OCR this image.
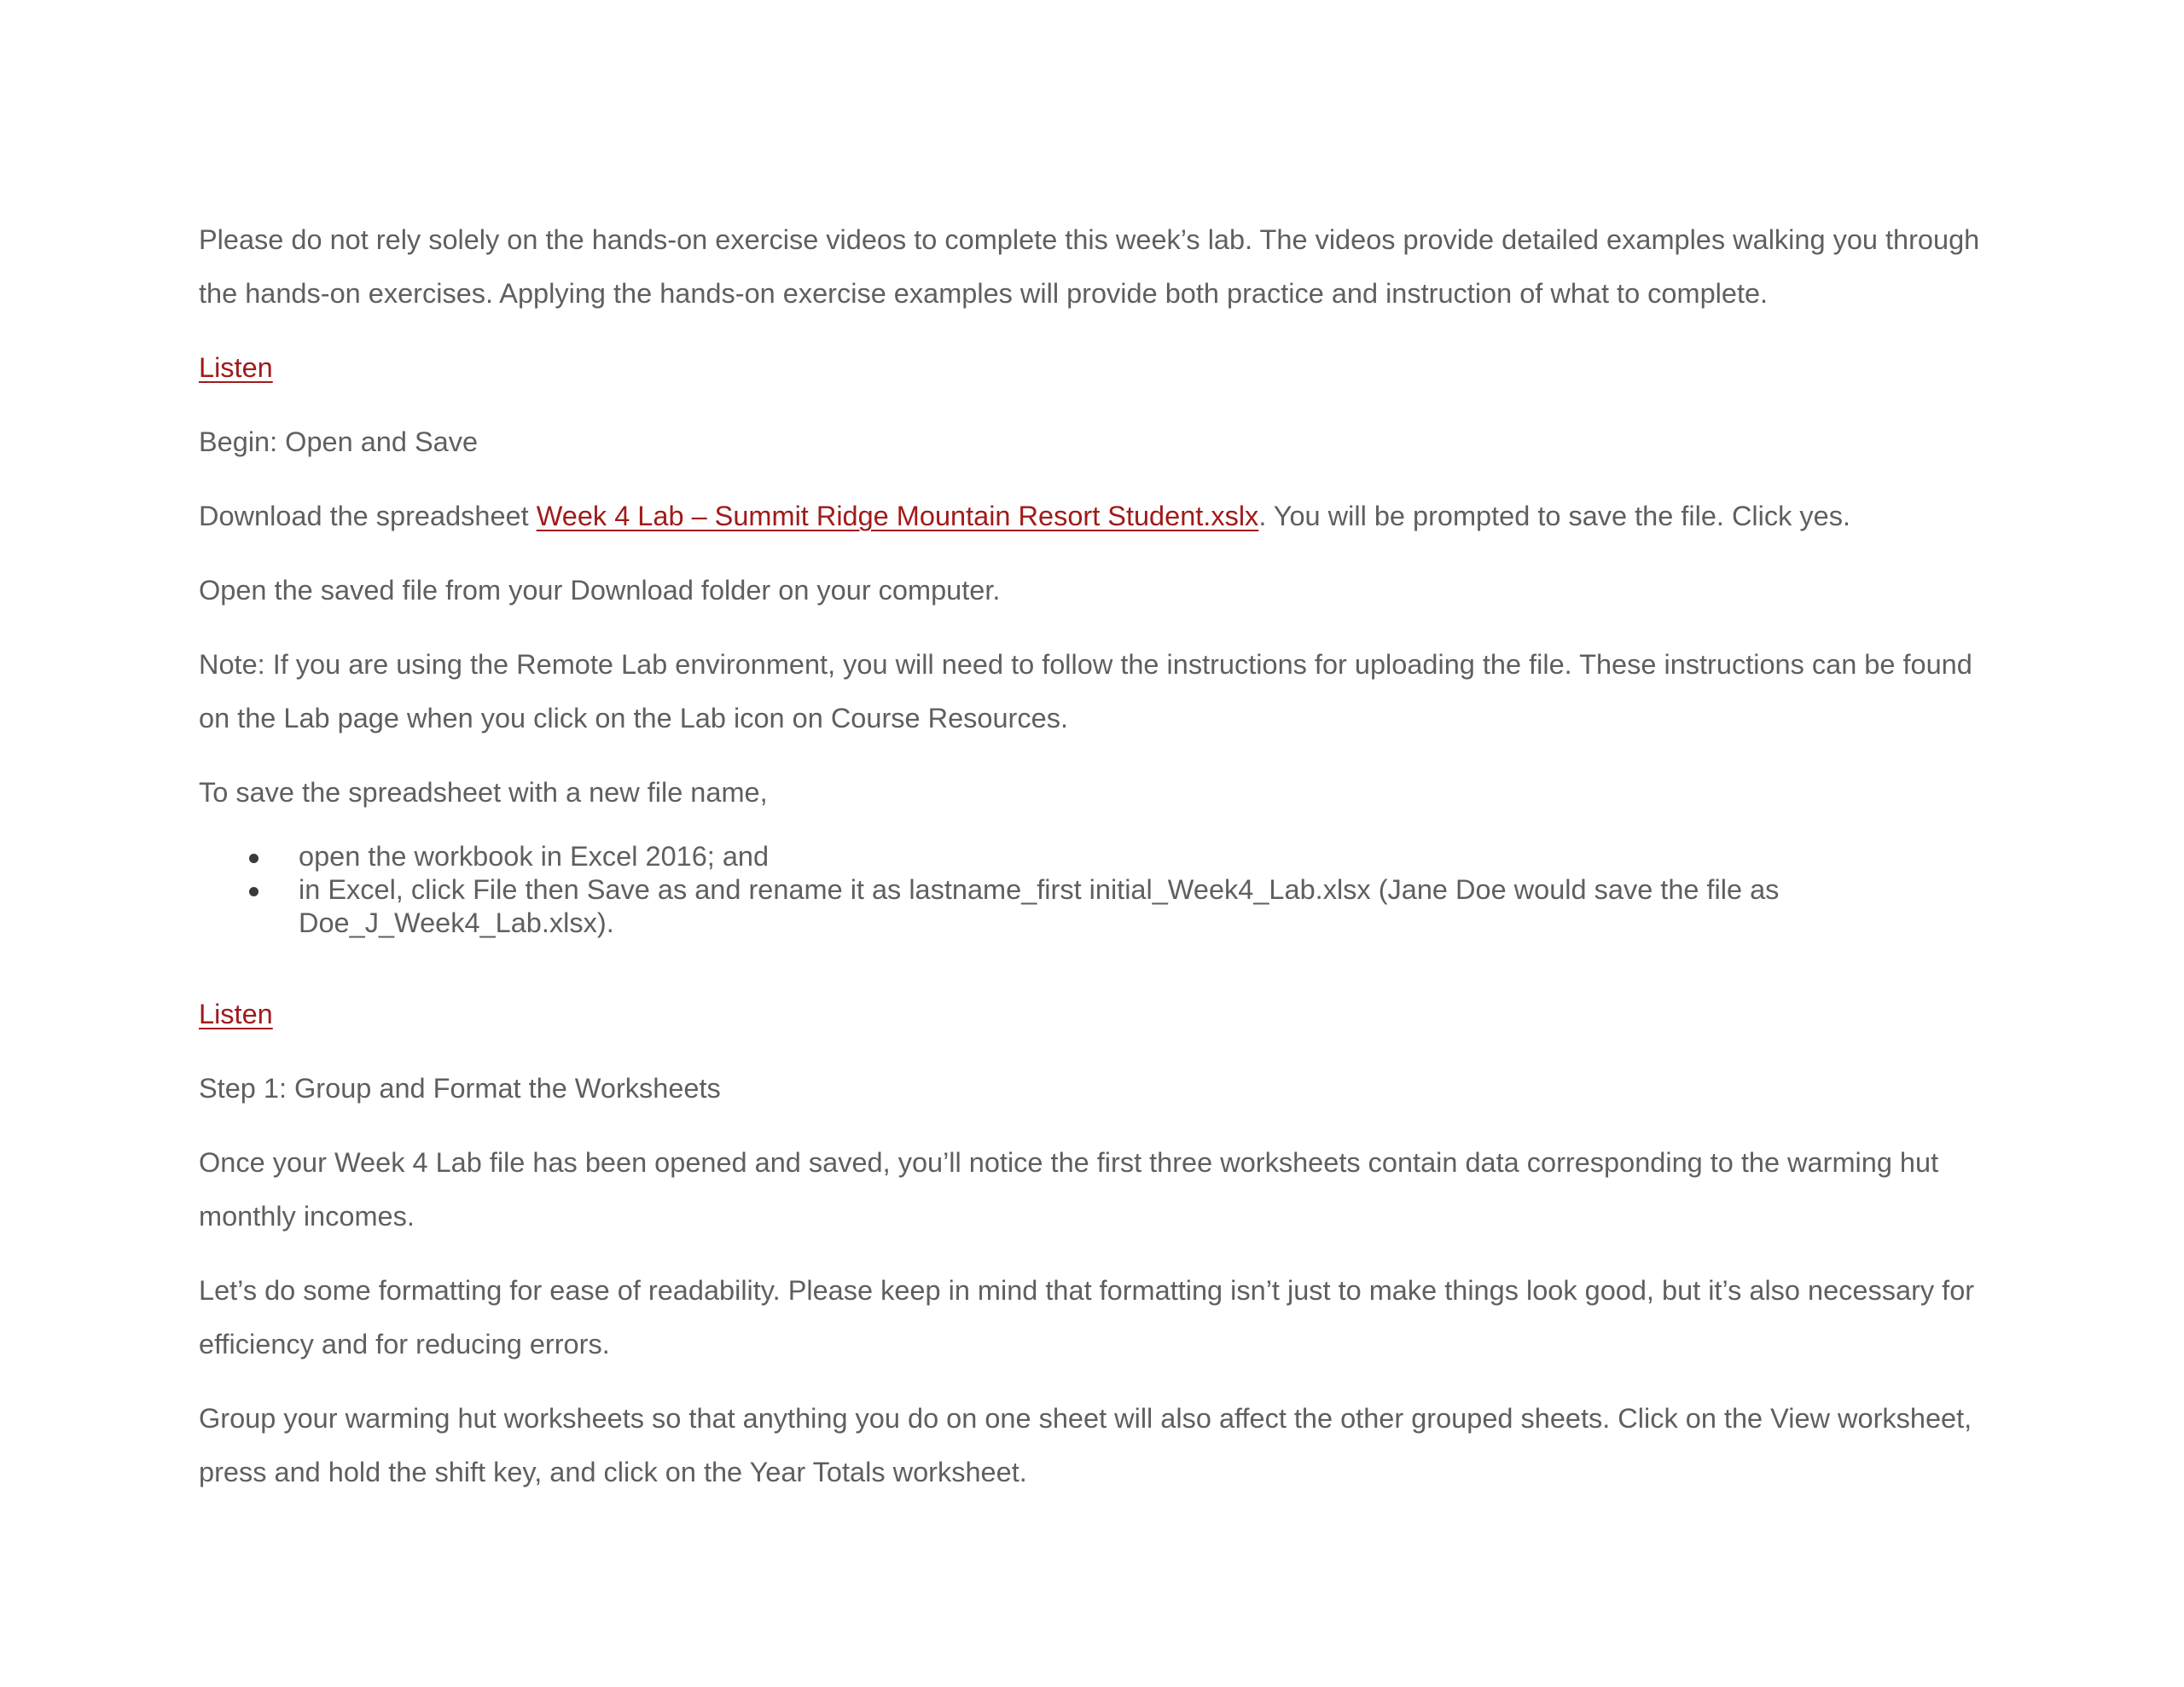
Please do not rely solely on the hands-on exercise videos to complete this week’s lab. The videos provide detailed examples walking you through the hands-on exercises. Applying the hands-on exercise examples will provide both practice and instruction of what to complete.

Listen

Begin: Open and Save

Download the spreadsheet Week 4 Lab – Summit Ridge Mountain Resort Student.xslx. You will be prompted to save the file. Click yes.

Open the saved file from your Download folder on your computer.

Note: If you are using the Remote Lab environment, you will need to follow the instructions for uploading the file. These instructions can be found on the Lab page when you click on the Lab icon on Course Resources.

To save the spreadsheet with a new file name,

open the workbook in Excel 2016; and
in Excel, click File then Save as and rename it as lastname_first initial_Week4_Lab.xlsx (Jane Doe would save the file as Doe_J_Week4_Lab.xlsx).

Listen

Step 1: Group and Format the Worksheets

Once your Week 4 Lab file has been opened and saved, you’ll notice the first three worksheets contain data corresponding to the warming hut monthly incomes.

Let’s do some formatting for ease of readability. Please keep in mind that formatting isn’t just to make things look good, but it’s also necessary for efficiency and for reducing errors.

Group your warming hut worksheets so that anything you do on one sheet will also affect the other grouped sheets. Click on the View worksheet, press and hold the shift key, and click on the Year Totals worksheet.
